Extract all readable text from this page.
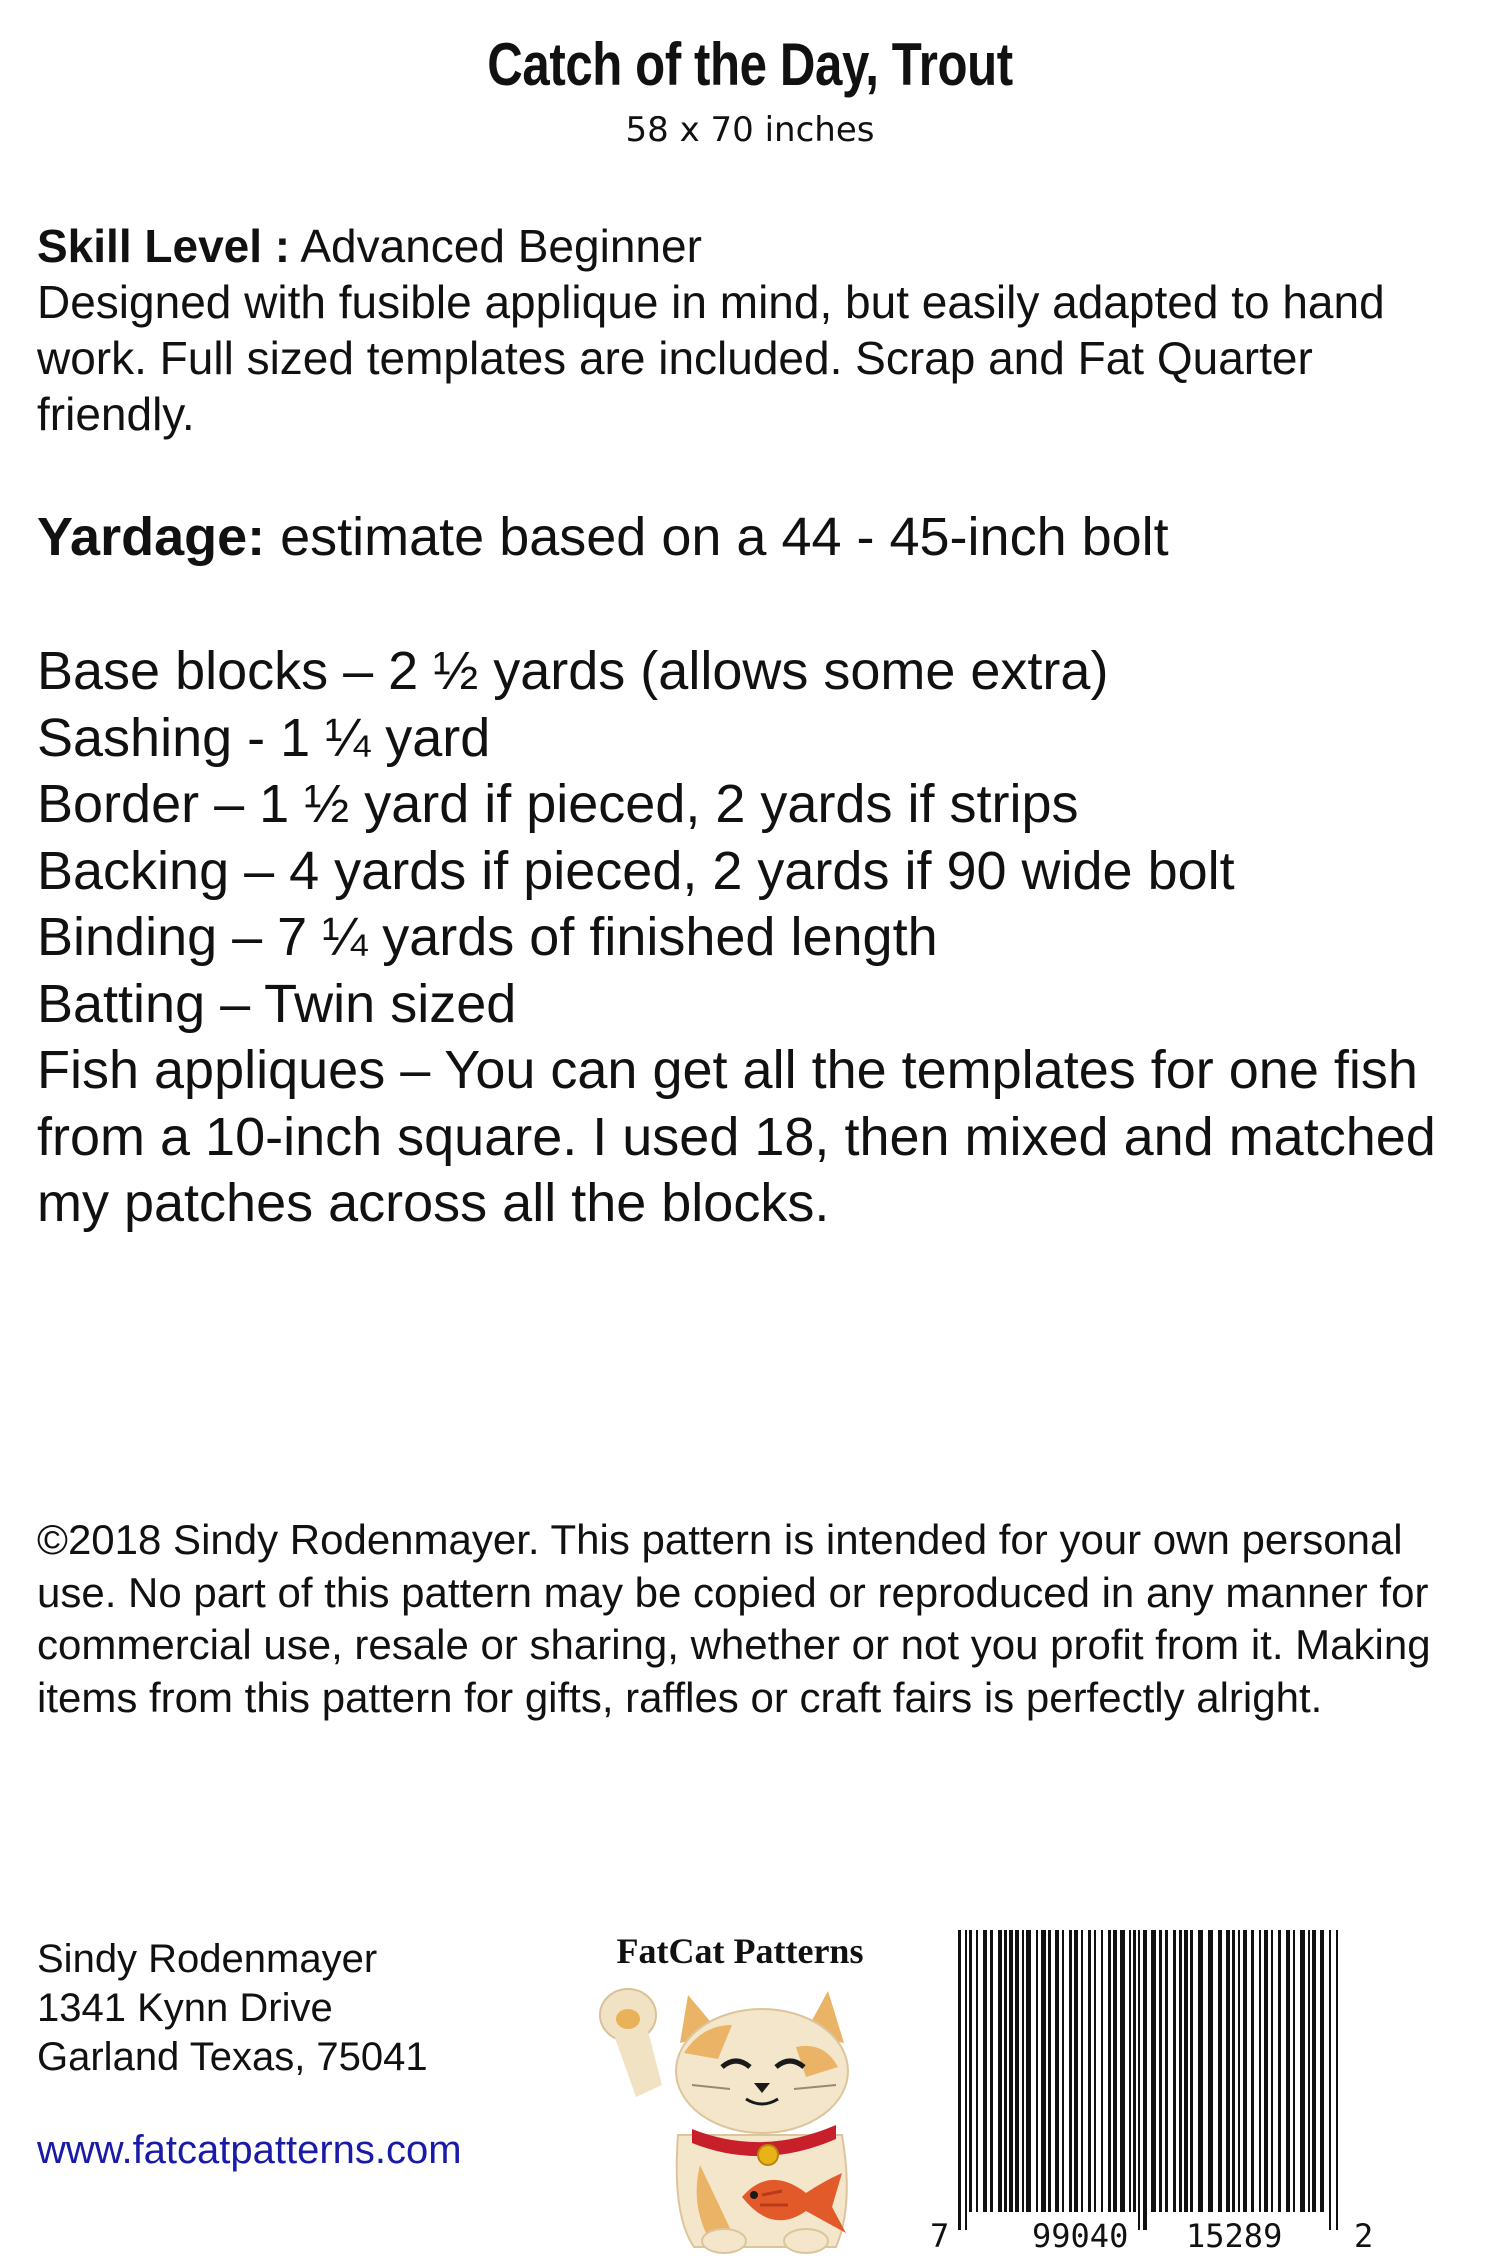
Catch of the Day, Trout
58 x 70 inches
Skill Level : Advanced Beginner
Designed with fusible applique in mind, but easily adapted to hand work. Full sized templates are included. Scrap and Fat Quarter friendly.
Yardage: estimate based on a 44 - 45-inch bolt
Base blocks – 2 ½ yards (allows some extra)
Sashing - 1 ¼ yard
Border – 1 ½ yard if pieced, 2 yards if strips
Backing – 4 yards if pieced, 2 yards if 90 wide bolt
Binding – 7 ¼ yards of finished length
Batting – Twin sized
Fish appliques – You can get all the templates for one fish from a 10-inch square. I used 18, then mixed and matched my patches across all the blocks.
©2018 Sindy Rodenmayer. This pattern is intended for your own personal use. No part of this pattern may be copied or reproduced in any manner for commercial use, resale or sharing, whether or not you profit from it. Making items from this pattern for gifts, raffles or craft fairs is perfectly alright.
Sindy Rodenmayer
1341 Kynn Drive
Garland Texas, 75041
www.fatcatpatterns.com
FatCat Patterns
7	99040 15289 2
